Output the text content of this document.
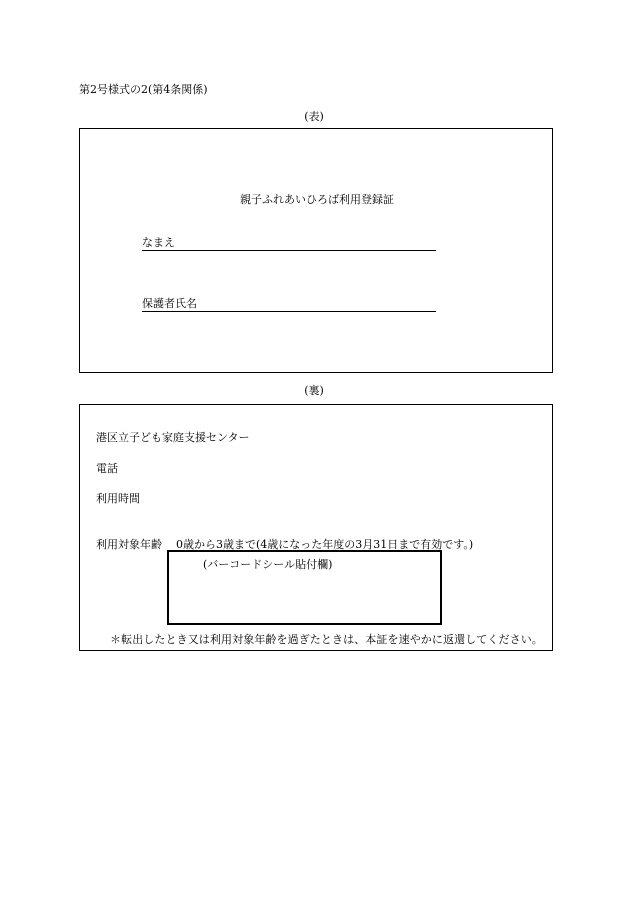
第2号様式の2(第4条関係)
(表)
親子ふれあいひろば利用登録証
なまえ
保護者氏名
(裏)
港区立子ども家庭支援センター
電話
利用時間
利用対象年齢 0歳から3歳まで(4歳になった年度の3月31日まで有効です。)
(バーコードシール貼付欄)
＊転出したとき又は利用対象年齢を過ぎたときは、本証を速やかに返還してください。
